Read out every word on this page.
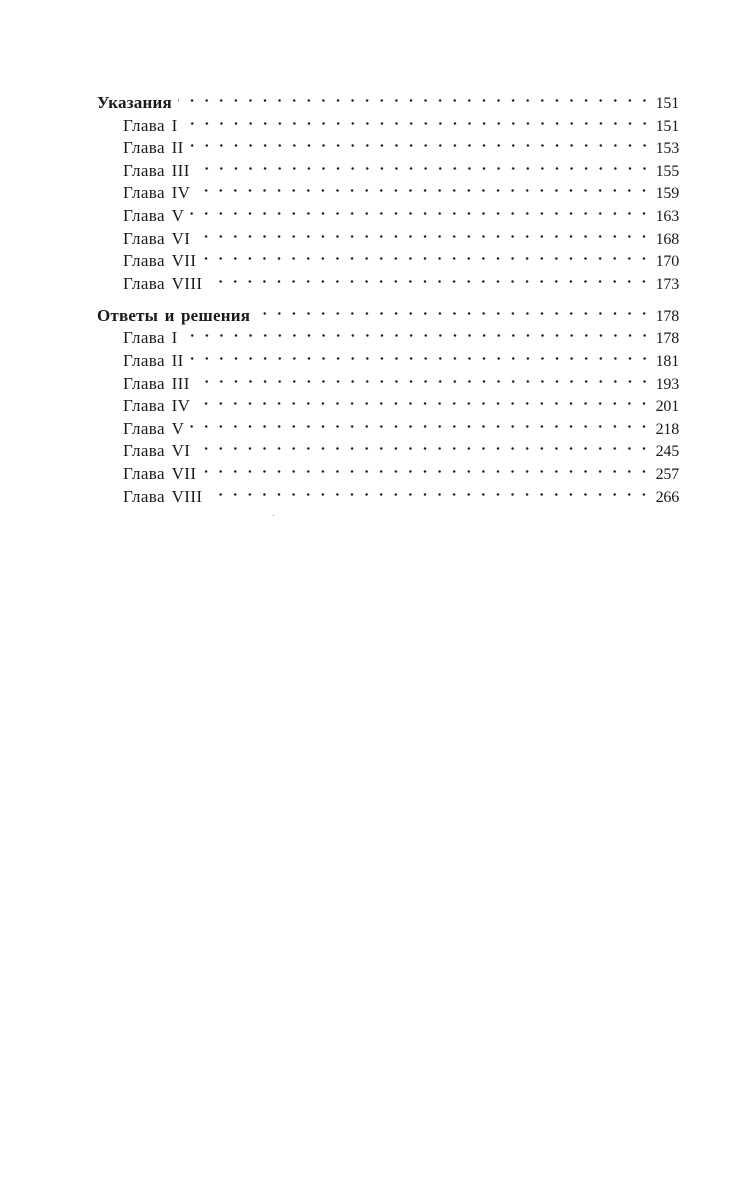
Указания	151
Глава I	151
Глава II	153
Глава III	155
Глава IV	159
Глава V	163
Глава VI	168
Глава VII	170
Глава VIII	173
Ответы и решения	178
Глава I	178
Глава II	181
Глава III	193
Глава IV	201
Глава V	218
Глава VI	245
Глава VII	257
Глава VIII	266
